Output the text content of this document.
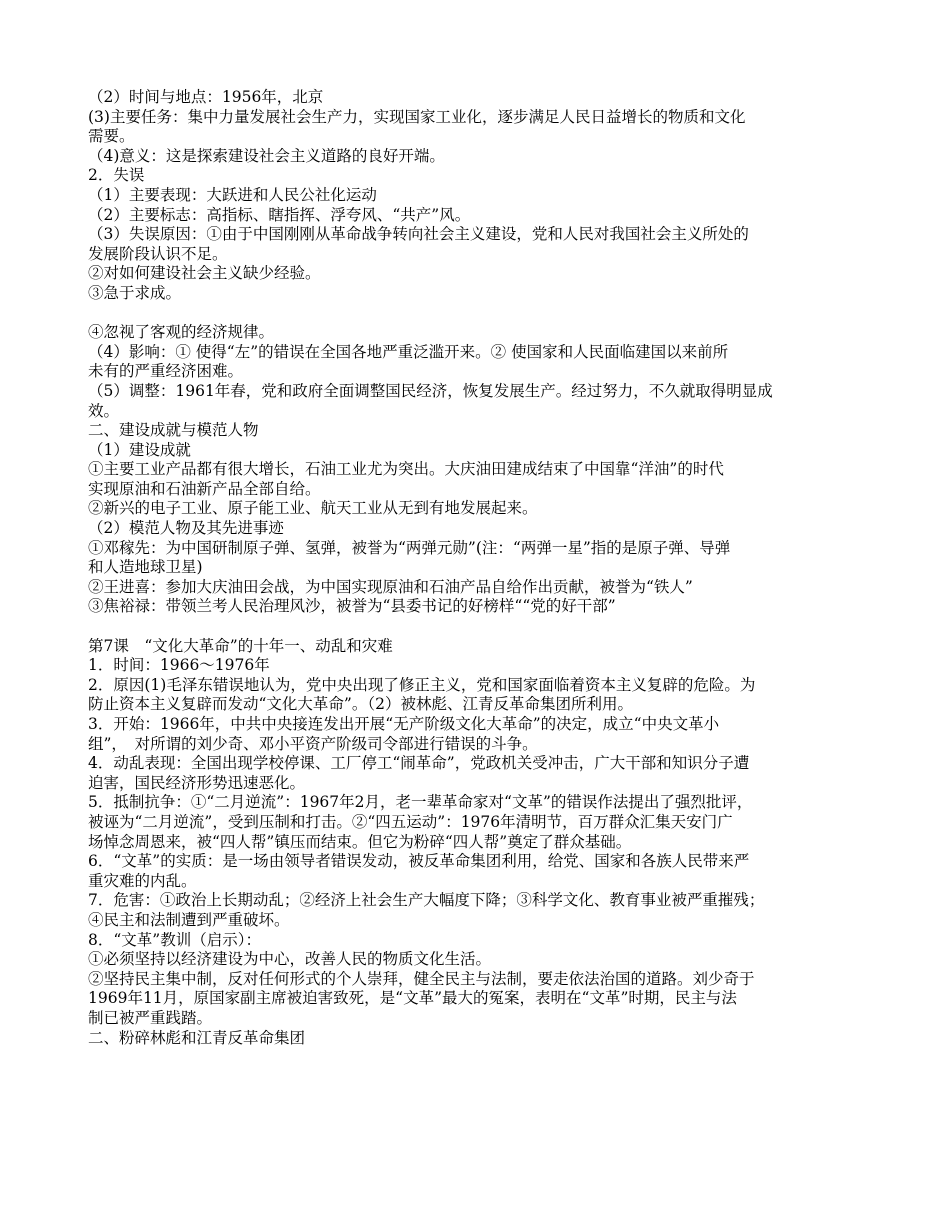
（2）时间与地点：1956年，北京
(3)主要任务：集中力量发展社会生产力，实现国家工业化，逐步满足人民日益增长的物质和文化
需要。
（4)意义：这是探索建设社会主义道路的良好开端。
2．失误
（1）主要表现：大跃进和人民公社化运动
（2）主要标志：高指标、瞎指挥、浮夸风、“共产”风。
（3）失误原因：①由于中国刚刚从革命战争转向社会主义建设，党和人民对我国社会主义所处的
发展阶段认识不足。
②对如何建设社会主义缺少经验。
③急于求成。
④忽视了客观的经济规律。
（4）影响：① 使得“左”的错误在全国各地严重泛滥开来。② 使国家和人民面临建国以来前所
未有的严重经济困难。
（5）调整：1961年春，党和政府全面调整国民经济，恢复发展生产。经过努力，不久就取得明显成
效。
二、建设成就与模范人物
（1）建设成就
①主要工业产品都有很大增长，石油工业尤为突出。大庆油田建成结束了中国靠“洋油”的时代
实现原油和石油新产品全部自给。
②新兴的电子工业、原子能工业、航天工业从无到有地发展起来。
（2）模范人物及其先进事迹
①邓稼先：为中国研制原子弹、氢弹，被誉为“两弹元勋”(注：“两弹一星”指的是原子弹、导弹
和人造地球卫星)
②王进喜：参加大庆油田会战，为中国实现原油和石油产品自给作出贡献，被誉为“铁人”
③焦裕禄：带领兰考人民治理风沙，被誉为“县委书记的好榜样““党的好干部”
第7课　“文化大革命”的十年一、动乱和灾难
1．时间：1966～1976年
2．原因(1)毛泽东错误地认为，党中央出现了修正主义，党和国家面临着资本主义复辟的危险。为
防止资本主义复辟而发动“文化大革命”。（2）被林彪、江青反革命集团所利用。
3．开始：1966年，中共中央接连发出开展“无产阶级文化大革命”的决定，成立“中央文革小
组”，　对所谓的刘少奇、邓小平资产阶级司令部进行错误的斗争。
4．动乱表现：全国出现学校停课、工厂停工“闹革命”，党政机关受冲击，广大干部和知识分子遭
迫害，国民经济形势迅速恶化。
5．抵制抗争：①“二月逆流”：1967年2月，老一辈革命家对“文革”的错误作法提出了强烈批评，
被诬为“二月逆流”，受到压制和打击。②“四五运动”：1976年清明节，百万群众汇集天安门广
场悼念周恩来，被“四人帮”镇压而结束。但它为粉碎“四人帮”奠定了群众基础。
6．“文革”的实质：是一场由领导者错误发动，被反革命集团利用，给党、国家和各族人民带来严
重灾难的内乱。
7．危害：①政治上长期动乱；②经济上社会生产大幅度下降；③科学文化、教育事业被严重摧残；
④民主和法制遭到严重破坏。
8．“文革”教训（启示）：
①必须坚持以经济建设为中心，改善人民的物质文化生活。
②坚持民主集中制，反对任何形式的个人崇拜，健全民主与法制，要走依法治国的道路。刘少奇于
1969年11月，原国家副主席被迫害致死，是“文革”最大的冤案，表明在“文革”时期，民主与法
制已被严重践踏。
二、粉碎林彪和江青反革命集团
